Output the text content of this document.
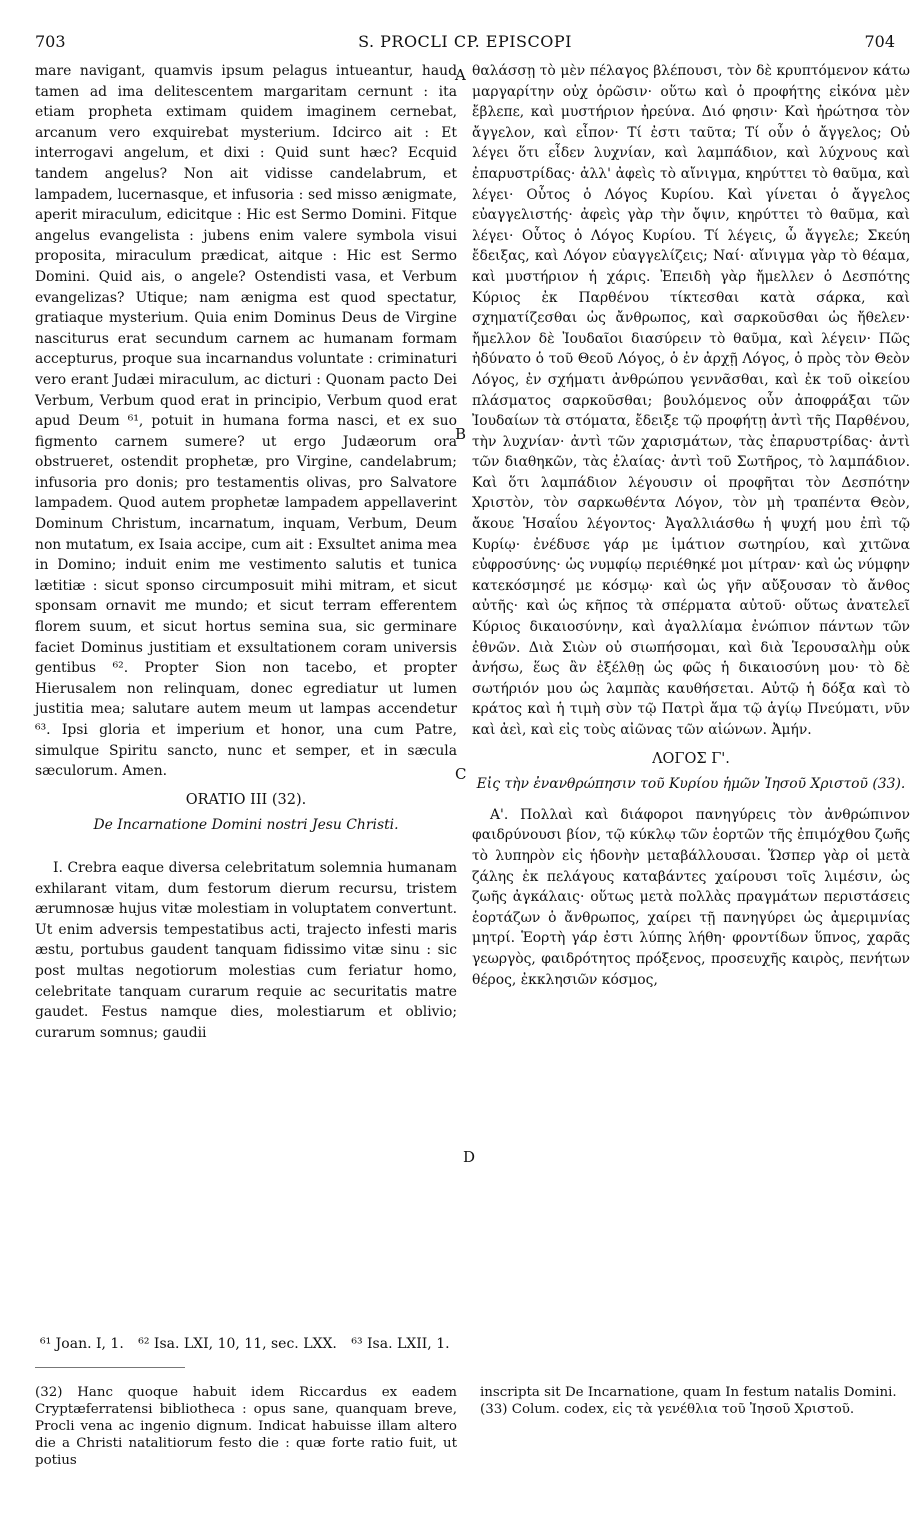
703	S. PROCLI CP. EPISCOPI	704
A
B
C
D

mare navigant, quamvis ipsum pelagus intueantur, haud tamen ad ima delitescentem margaritam cernunt : ita etiam propheta extimam quidem imaginem cernebat, arcanum vero exquirebat mysterium. Idcirco ait : Et interrogavi angelum, et dixi : Quid sunt hæc? Ecquid tandem angelus? Non ait vidisse candelabrum, et lampadem, lucernasque, et infusoria : sed misso ænigmate, aperit miraculum, edicitque : Hic est Sermo Domini. Fitque angelus evangelista : jubens enim valere symbola visui proposita, miraculum prædicat, aitque : Hic est Sermo Domini. Quid ais, o angele? Ostendisti vasa, et Verbum evangelizas? Utique; nam ænigma est quod spectatur, gratiaque mysterium. Quia enim Dominus Deus de Virgine nasciturus erat secundum carnem ac humanam formam accepturus, proque sua incarnandus voluntate : criminaturi vero erant Judæi miraculum, ac dicturi : Quonam pacto Dei Verbum, Verbum quod erat in principio, Verbum quod erat apud Deum ⁶¹, potuit in humana forma nasci, et ex suo figmento carnem sumere? ut ergo Judæorum ora obstrueret, ostendit prophetæ, pro Virgine, candelabrum; infusoria pro donis; pro testamentis olivas, pro Salvatore lampadem. Quod autem prophetæ lampadem appellaverint Dominum Christum, incarnatum, inquam, Verbum, Deum non mutatum, ex Isaia accipe, cum ait : Exsultet anima mea in Domino; induit enim me vestimento salutis et tunica lætitiæ : sicut sponso circumposuit mihi mitram, et sicut sponsam ornavit me mundo; et sicut terram efferentem florem suum, et sicut hortus semina sua, sic germinare faciet Dominus justitiam et exsultationem coram universis gentibus ⁶². Propter Sion non tacebo, et propter Hierusalem non relinquam, donec egrediatur ut lumen justitia mea; salutare autem meum ut lampas accendetur ⁶³. Ipsi gloria et imperium et honor, una cum Patre, simulque Spiritu sancto, nunc et semper, et in sæcula sæculorum. Amen.

ORATIO III (32).

De Incarnatione Domini nostri Jesu Christi.

I. Crebra eaque diversa celebritatum solemnia humanam exhilarant vitam, dum festorum dierum recursu, tristem ærumnosæ hujus vitæ molestiam in voluptatem convertunt. Ut enim adversis tempestatibus acti, trajecto infesti maris æstu, portubus gaudent tanquam fidissimo vitæ sinu : sic post multas negotiorum molestias cum feriatur homo, celebritate tanquam curarum requie ac securitatis matre gaudet. Festus namque dies, molestiarum et oblivio; curarum somnus; gaudii

θαλάσσῃ τὸ μὲν πέλαγος βλέπουσι, τὸν δὲ κρυπτόμενον κάτω μαργαρίτην οὐχ ὁρῶσιν· οὕτω καὶ ὁ προφήτης εἰκόνα μὲν ἔβλεπε, καὶ μυστήριον ἠρεύνα. Διό φησιν· Καὶ ἠρώτησα τὸν ἄγγελον, καὶ εἶπον· Τί ἐστι ταῦτα; Τί οὖν ὁ ἄγγελος; Οὐ λέγει ὅτι εἶδεν λυχνίαν, καὶ λαμπάδιον, καὶ λύχνους καὶ ἐπαρυστρίδας· ἀλλ' ἀφεὶς τὸ αἴνιγμα, κηρύττει τὸ θαῦμα, καὶ λέγει· Οὗτος ὁ Λόγος Κυρίου. Καὶ γίνεται ὁ ἄγγελος εὐαγγελιστής· ἀφεὶς γὰρ τὴν ὄψιν, κηρύττει τὸ θαῦμα, καὶ λέγει· Οὗτος ὁ Λόγος Κυρίου. Τί λέγεις, ὦ ἄγγελε; Σκεύη ἔδειξας, καὶ Λόγον εὐαγγελίζεις; Ναί· αἴνιγμα γὰρ τὸ θέαμα, καὶ μυστήριον ἡ χάρις. Ἐπειδὴ γὰρ ἤμελλεν ὁ Δεσπότης Κύριος ἐκ Παρθένου τίκτεσθαι κατὰ σάρκα, καὶ σχηματίζεσθαι ὡς ἄνθρωπος, καὶ σαρκοῦσθαι ὡς ἤθελεν· ἤμελλον δὲ Ἰουδαῖοι διασύρειν τὸ θαῦμα, καὶ λέγειν· Πῶς ἠδύνατο ὁ τοῦ Θεοῦ Λόγος, ὁ ἐν ἀρχῇ Λόγος, ὁ πρὸς τὸν Θεὸν Λόγος, ἐν σχήματι ἀνθρώπου γεννᾶσθαι, καὶ ἐκ τοῦ οἰκείου πλάσματος σαρκοῦσθαι; βουλόμενος οὖν ἀποφράξαι τῶν Ἰουδαίων τὰ στόματα, ἔδειξε τῷ προφήτῃ ἀντὶ τῆς Παρθένου, τὴν λυχνίαν· ἀντὶ τῶν χαρισμάτων, τὰς ἐπαρυστρίδας· ἀντὶ τῶν διαθηκῶν, τὰς ἐλαίας· ἀντὶ τοῦ Σωτῆρος, τὸ λαμπάδιον. Καὶ ὅτι λαμπάδιον λέγουσιν οἱ προφῆται τὸν Δεσπότην Χριστὸν, τὸν σαρκωθέντα Λόγον, τὸν μὴ τραπέντα Θεὸν, ἄκουε Ἡσαΐου λέγοντος· Ἀγαλλιάσθω ἡ ψυχή μου ἐπὶ τῷ Κυρίῳ· ἐνέδυσε γάρ με ἱμάτιον σωτηρίου, καὶ χιτῶνα εὐφροσύνης· ὡς νυμφίῳ περιέθηκέ μοι μίτραν· καὶ ὡς νύμφην κατεκόσμησέ με κόσμῳ· καὶ ὡς γῆν αὔξουσαν τὸ ἄνθος αὐτῆς· καὶ ὡς κῆπος τὰ σπέρματα αὐτοῦ· οὕτως ἀνατελεῖ Κύριος δικαιοσύνην, καὶ ἀγαλλίαμα ἐνώπιον πάντων τῶν ἐθνῶν. Διὰ Σιὼν οὐ σιωπήσομαι, καὶ διὰ Ἱερουσαλὴμ οὐκ ἀνήσω, ἕως ἂν ἐξέλθῃ ὡς φῶς ἡ δικαιοσύνη μου· τὸ δὲ σωτήριόν μου ὡς λαμπὰς καυθήσεται. Αὐτῷ ἡ δόξα καὶ τὸ κράτος καὶ ἡ τιμὴ σὺν τῷ Πατρὶ ἅμα τῷ ἁγίῳ Πνεύματι, νῦν καὶ ἀεὶ, καὶ εἰς τοὺς αἰῶνας τῶν αἰώνων. Ἀμήν.

ΛΟΓΟΣ Γ'.

Εἰς τὴν ἐνανθρώπησιν τοῦ Κυρίου ἡμῶν Ἰησοῦ Χριστοῦ (33).

Α'. Πολλαὶ καὶ διάφοροι πανηγύρεις τὸν ἀνθρώπινον φαιδρύνουσι βίον, τῷ κύκλῳ τῶν ἑορτῶν τῆς ἐπιμόχθου ζωῆς τὸ λυπηρὸν εἰς ἡδονὴν μεταβάλλουσαι. Ὥσπερ γὰρ οἱ μετὰ ζάλης ἐκ πελάγους καταβάντες χαίρουσι τοῖς λιμέσιν, ὡς ζωῆς ἀγκάλαις· οὕτως μετὰ πολλὰς πραγμάτων περιστάσεις ἑορτάζων ὁ ἄνθρωπος, χαίρει τῇ πανηγύρει ὡς ἀμεριμνίας μητρί. Ἑορτὴ γάρ ἐστι λύπης λήθη· φροντίδων ὕπνος, χαρᾶς γεωργὸς, φαιδρότητος πρόξενος, προσευχῆς καιρὸς, πενήτων θέρος, ἐκκλησιῶν κόσμος,

⁶¹ Joan. I, 1. ⁶² Isa. LXI, 10, 11, sec. LXX. ⁶³ Isa. LXII, 1.

(32) Hanc quoque habuit idem Riccardus ex eadem Cryptæferratensi bibliotheca : opus sane, quanquam breve, Procli vena ac ingenio dignum. Indicat habuisse illam altero die a Christi natalitiorum festo die : quæ forte ratio fuit, ut potius

inscripta sit De Incarnatione, quam In festum natalis Domini.

(33) Colum. codex, εἰς τὰ γενέθλια τοῦ Ἰησοῦ Χριστοῦ.
